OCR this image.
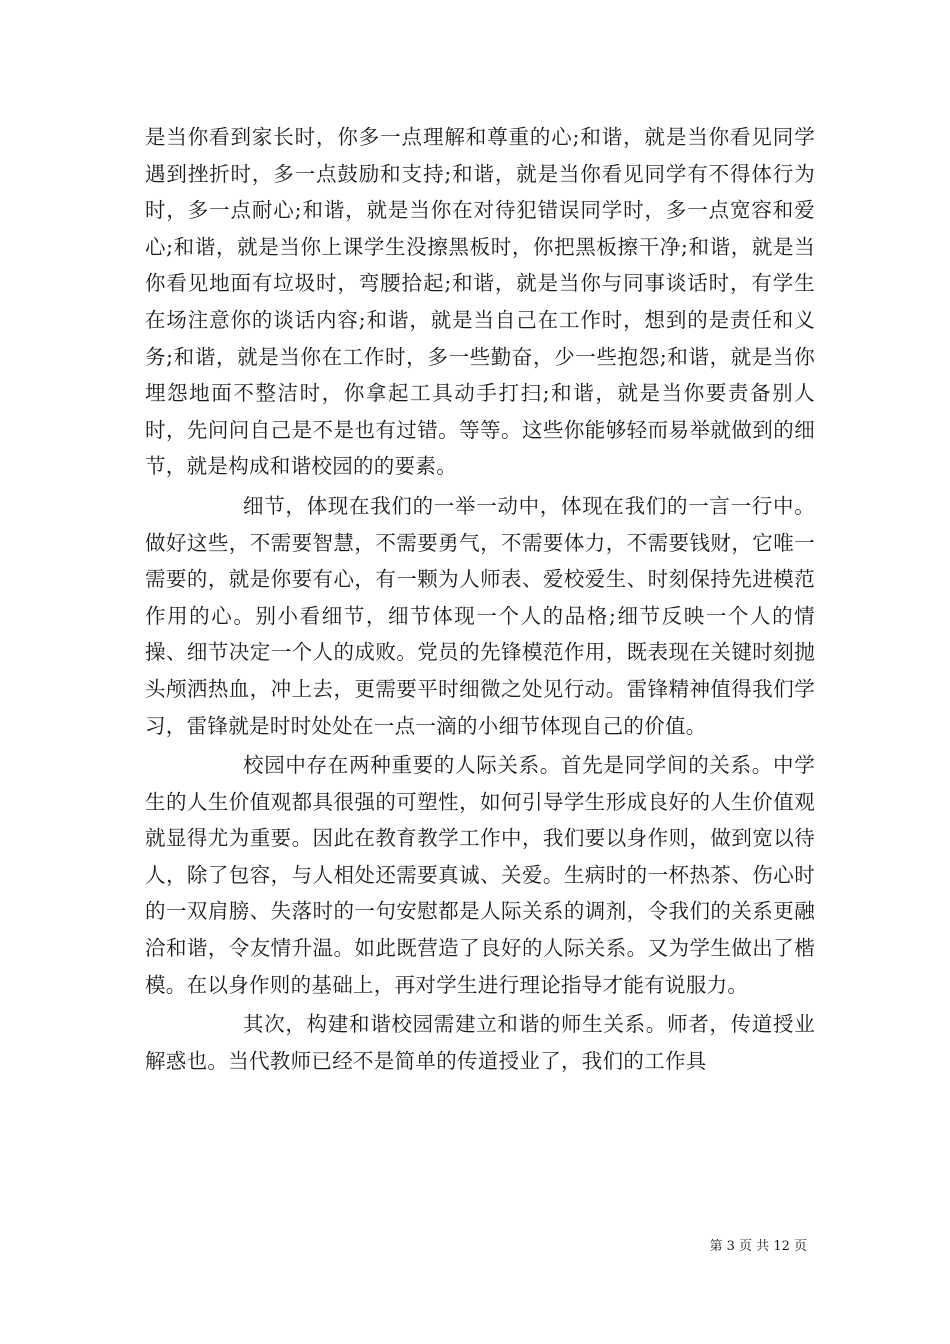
是当你看到家长时，你多一点理解和尊重的心;和谐，就是当你看见同学遇到挫折时，多一点鼓励和支持;和谐，就是当你看见同学有不得体行为时，多一点耐心;和谐，就是当你在对待犯错误同学时，多一点宽容和爱心;和谐，就是当你上课学生没擦黑板时，你把黑板擦干净;和谐，就是当你看见地面有垃圾时，弯腰拾起;和谐，就是当你与同事谈话时，有学生在场注意你的谈话内容;和谐，就是当自己在工作时，想到的是责任和义务;和谐，就是当你在工作时，多一些勤奋，少一些抱怨;和谐，就是当你埋怨地面不整洁时，你拿起工具动手打扫;和谐，就是当你要责备别人时，先问问自己是不是也有过错。等等。这些你能够轻而易举就做到的细节，就是构成和谐校园的的要素。

细节，体现在我们的一举一动中，体现在我们的一言一行中。做好这些，不需要智慧，不需要勇气，不需要体力，不需要钱财，它唯一需要的，就是你要有心，有一颗为人师表、爱校爱生、时刻保持先进模范作用的心。别小看细节，细节体现一个人的品格;细节反映一个人的情操、细节决定一个人的成败。党员的先锋模范作用，既表现在关键时刻抛头颅洒热血，冲上去，更需要平时细微之处见行动。雷锋精神值得我们学习，雷锋就是时时处处在一点一滴的小细节体现自己的价值。

校园中存在两种重要的人际关系。首先是同学间的关系。中学生的人生价值观都具很强的可塑性，如何引导学生形成良好的人生价值观就显得尤为重要。因此在教育教学工作中，我们要以身作则，做到宽以待人，除了包容，与人相处还需要真诚、关爱。生病时的一杯热茶、伤心时的一双肩膀、失落时的一句安慰都是人际关系的调剂，令我们的关系更融洽和谐，令友情升温。如此既营造了良好的人际关系。又为学生做出了楷模。在以身作则的基础上，再对学生进行理论指导才能有说服力。

其次，构建和谐校园需建立和谐的师生关系。师者，传道授业解惑也。当代教师已经不是简单的传道授业了，我们的工作具

第 3 页 共 12 页
